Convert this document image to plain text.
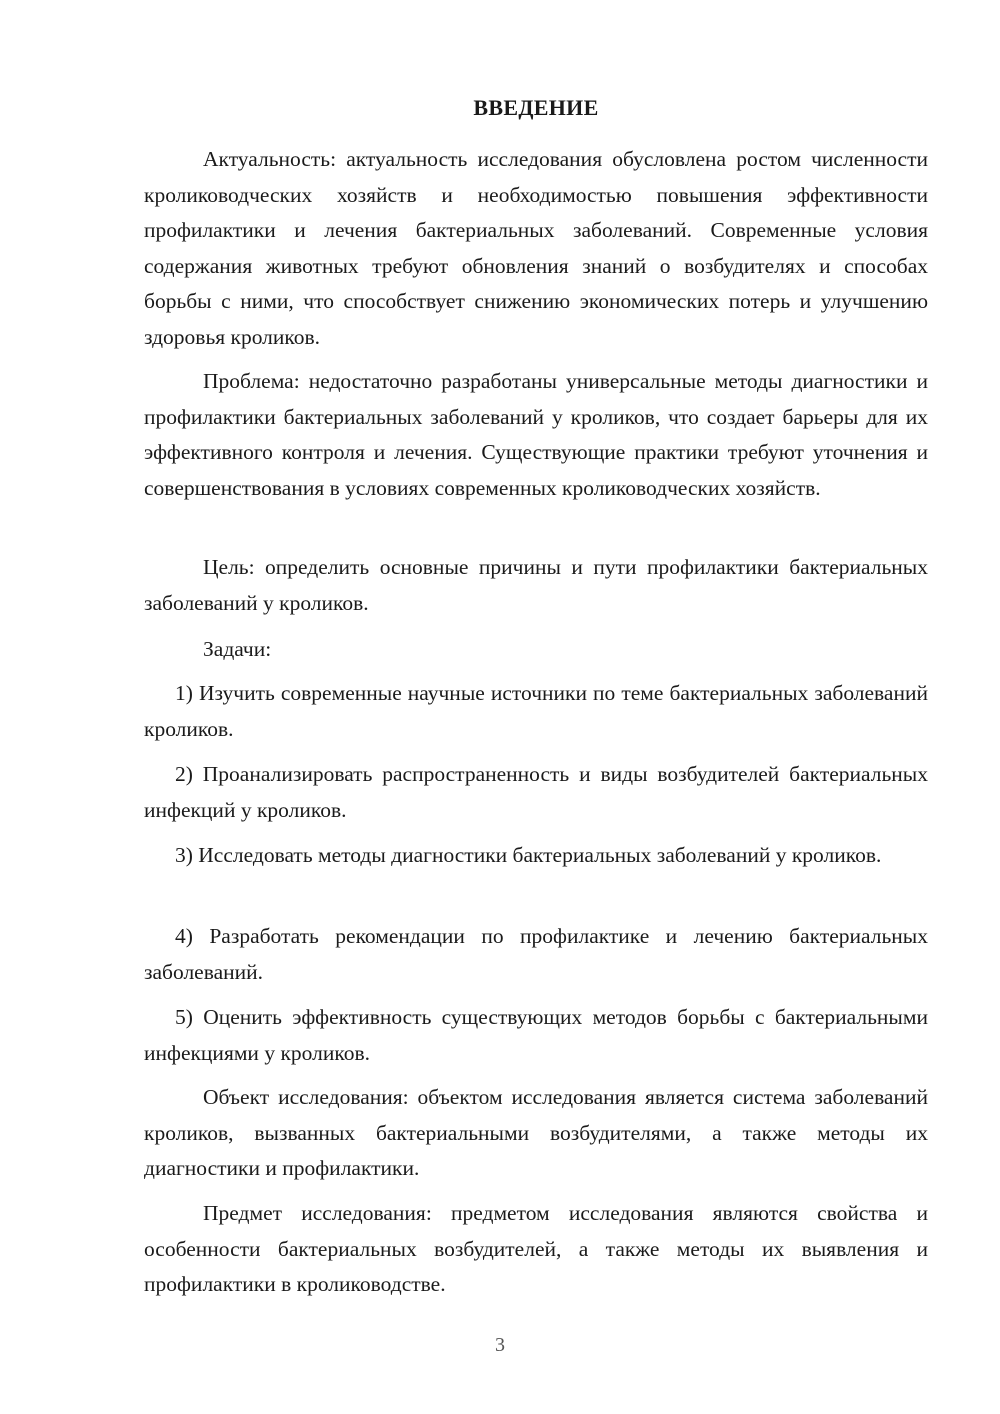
ВВЕДЕНИЕ

Актуальность: актуальность исследования обусловлена ростом численности кролиководческих хозяйств и необходимостью повышения эффективности профилактики и лечения бактериальных заболеваний. Современные условия содержания животных требуют обновления знаний о возбудителях и способах борьбы с ними, что способствует снижению экономических потерь и улучшению здоровья кроликов.

Проблема: недостаточно разработаны универсальные методы диагностики и профилактики бактериальных заболеваний у кроликов, что создает барьеры для их эффективного контроля и лечения. Существующие практики требуют уточнения и совершенствования в условиях современных кролиководческих хозяйств.

Цель: определить основные причины и пути профилактики бактериальных заболеваний у кроликов.

Задачи:

1) Изучить современные научные источники по теме бактериальных заболеваний кроликов.

2) Проанализировать распространенность и виды возбудителей бактериальных инфекций у кроликов.

3) Исследовать методы диагностики бактериальных заболеваний у кроликов.

4) Разработать рекомендации по профилактике и лечению бактериальных заболеваний.

5) Оценить эффективность существующих методов борьбы с бактериальными инфекциями у кроликов.

Объект исследования: объектом исследования является система заболеваний кроликов, вызванных бактериальными возбудителями, а также методы их диагностики и профилактики.

Предмет исследования: предметом исследования являются свойства и особенности бактериальных возбудителей, а также методы их выявления и профилактики в кролиководстве.

3
